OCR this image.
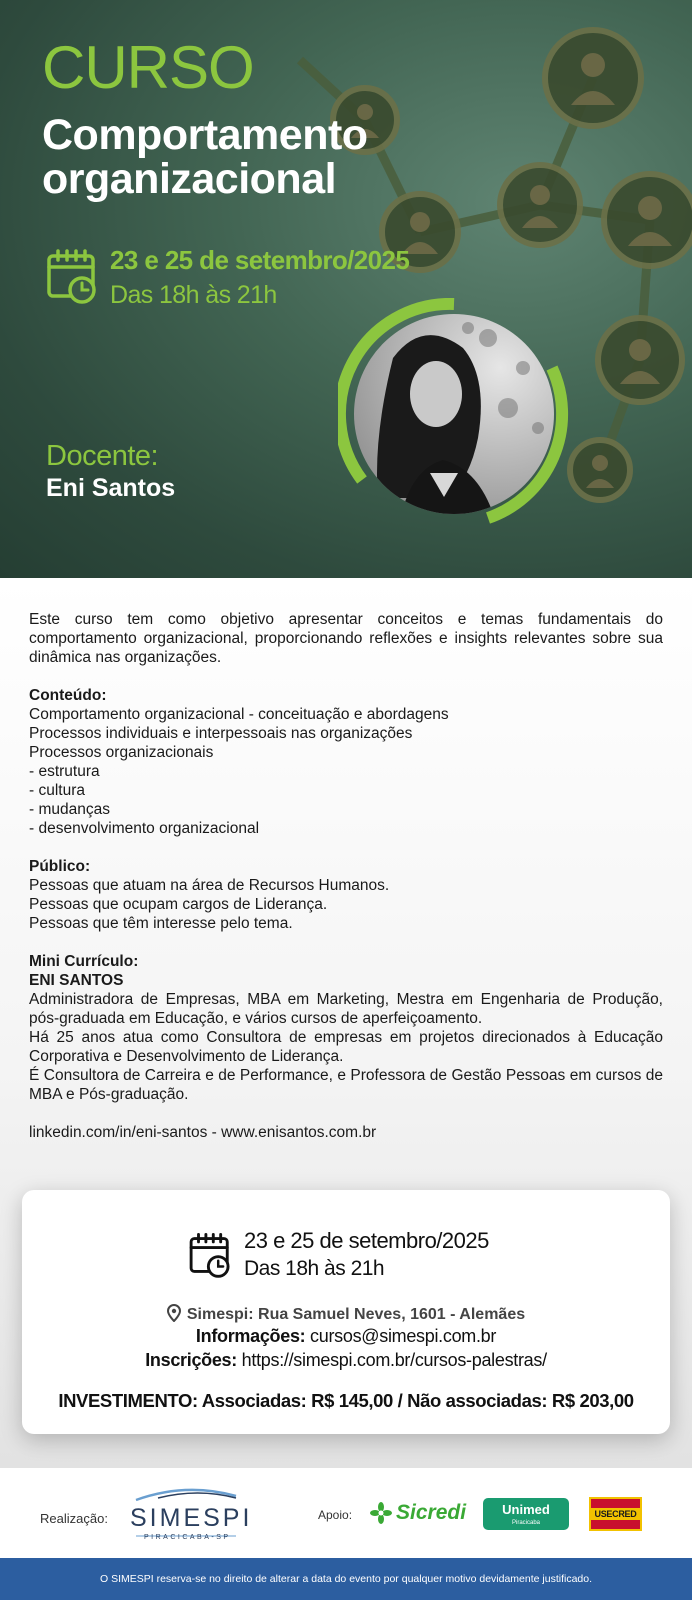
CURSO
Comportamento
organizacional
23 e 25 de setembro/2025
Das 18h às 21h
Docente:
Eni Santos

Este curso tem como objetivo apresentar conceitos e temas fundamentais do comportamento organizacional, proporcionando reflexões e insights relevantes sobre sua dinâmica nas organizações.

Conteúdo:

Comportamento organizacional - conceituação e abordagens

Processos individuais e interpessoais nas organizações

Processos organizacionais

- estrutura

- cultura

- mudanças

- desenvolvimento organizacional

Público:

Pessoas que atuam na área de Recursos Humanos.

Pessoas que ocupam cargos de Liderança.

Pessoas que têm interesse pelo tema.

Mini Currículo:

ENI SANTOS

Administradora de Empresas, MBA em Marketing, Mestra em Engenharia de Produção, pós-graduada em Educação, e vários cursos de aperfeiçoamento.

Há 25 anos atua como Consultora de empresas em projetos direcionados à Educação Corporativa e Desenvolvimento de Liderança.

É Consultora de Carreira e de Performance, e Professora de Gestão Pessoas em cursos de MBA e Pós-graduação.

linkedin.com/in/eni-santos - www.enisantos.com.br

23 e 25 de setembro/2025
Das 18h às 21h
Simespi: Rua Samuel Neves, 1601 - Alemães
Informações: cursos@simespi.com.br
Inscrições: https://simespi.com.br/cursos-palestras/
INVESTIMENTO: Associadas: R$ 145,00 / Não associadas: R$ 203,00
Realização: SIMESPI
PIRACICABA-SP
Apoio: Sicredi	Unimed
Piracicaba
USECRED
O SIMESPI reserva-se no direito de alterar a data do evento por qualquer motivo devidamente justificado.
